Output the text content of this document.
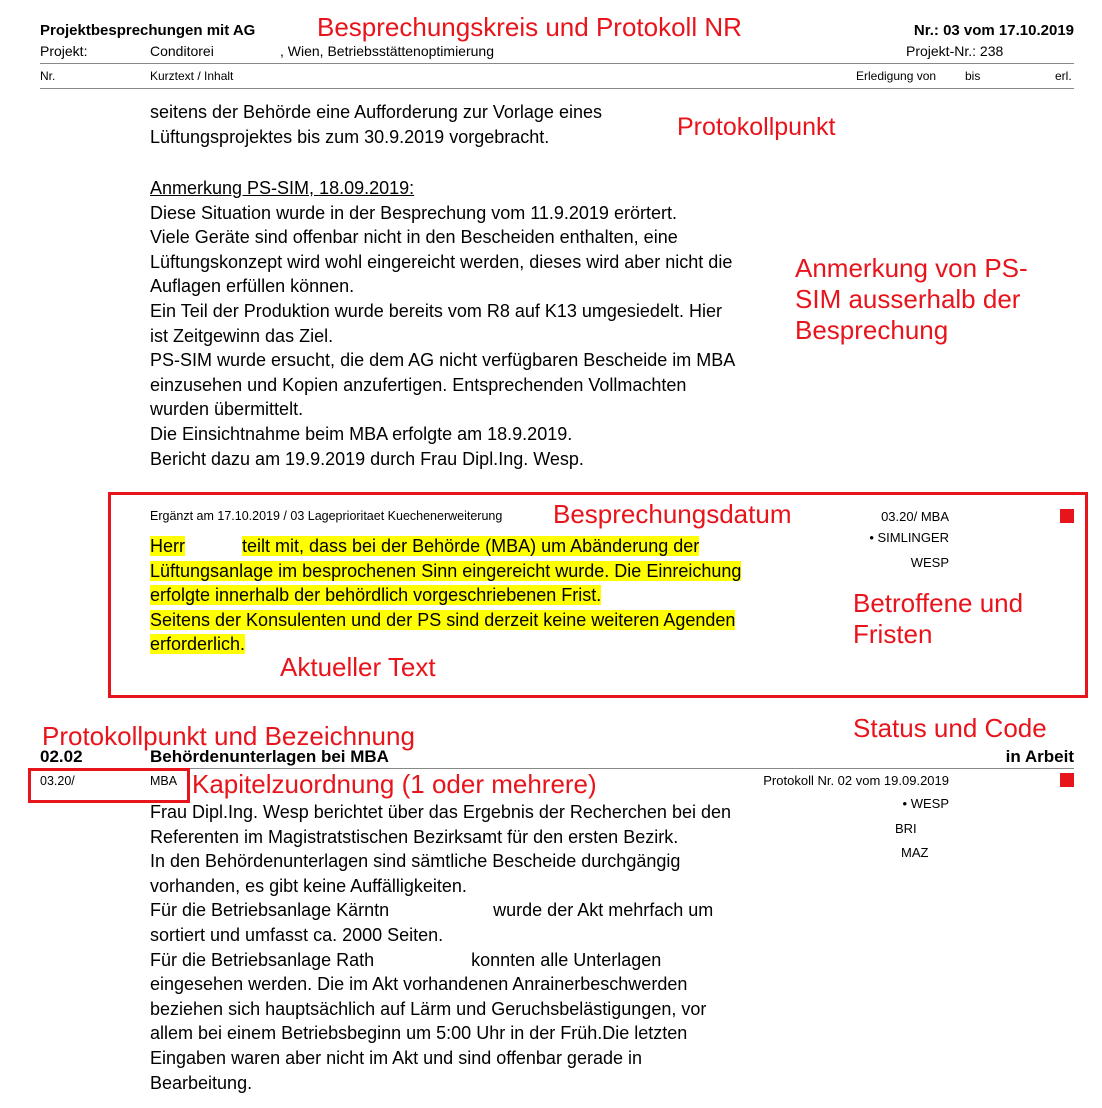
Projektbesprechungen mit AG	Nr.: 03 vom 17.10.2019
Projekt:	Conditorei	, Wien, Betriebsstättenoptimierung	Projekt-Nr.: 238
Nr.	Kurztext / Inhalt	Erledigung von bis	erl.
Besprechungskreis und Protokoll NR
Protokollpunkt
Anmerkung von PS-
SIM ausserhalb der
Besprechung
Besprechungsdatum
Betroffene und
Fristen
Aktueller Text
Protokollpunkt und Bezeichnung	Status und Code
Kapitelzuordnung (1 oder mehrere)
seitens der Behörde eine Aufforderung zur Vorlage eines
Lüftungsprojektes bis zum 30.9.2019 vorgebracht.
Anmerkung PS-SIM, 18.09.2019:
Diese Situation wurde in der Besprechung vom 11.9.2019 erörtert.
Viele Geräte sind offenbar nicht in den Bescheiden enthalten, eine
Lüftungskonzept wird wohl eingereicht werden, dieses wird aber nicht die
Auflagen erfüllen können.
Ein Teil der Produktion wurde bereits vom R8 auf K13 umgesiedelt. Hier
ist Zeitgewinn das Ziel.
PS-SIM wurde ersucht, die dem AG nicht verfügbaren Bescheide im MBA
einzusehen und Kopien anzufertigen. Entsprechenden Vollmachten
wurden übermittelt.
Die Einsichtnahme beim MBA erfolgte am 18.9.2019.
Bericht dazu am 19.9.2019 durch Frau Dipl.Ing. Wesp.
Ergänzt am 17.10.2019 / 03 Lageprioritaet Kuechenerweiterung	03.20/ MBA
• SIMLINGER
WESP
Herr	teilt mit, dass bei der Behörde (MBA) um Abänderung der
Lüftungsanlage im besprochenen Sinn eingereicht wurde. Die Einreichung
erfolgte innerhalb der behördlich vorgeschriebenen Frist.
Seitens der Konsulenten und der PS sind derzeit keine weiteren Agenden
erforderlich.
02.02	Behördenunterlagen bei MBA	in Arbeit
03.20/	MBA	Protokoll Nr. 02 vom 19.09.2019
• WESP
BRI
MAZ
Frau Dipl.Ing. Wesp berichtet über das Ergebnis der Recherchen bei den
Referenten im Magistratstischen Bezirksamt für den ersten Bezirk.
In den Behördenunterlagen sind sämtliche Bescheide durchgängig
vorhanden, es gibt keine Auffälligkeiten.
Für die Betriebsanlage Kärntn	wurde der Akt mehrfach um
sortiert und umfasst ca. 2000 Seiten.
Für die Betriebsanlage Rath	konnten alle Unterlagen
eingesehen werden. Die im Akt vorhandenen Anrainerbeschwerden
beziehen sich hauptsächlich auf Lärm und Geruchsbelästigungen, vor
allem bei einem Betriebsbeginn um 5:00 Uhr in der Früh.Die letzten
Eingaben waren aber nicht im Akt und sind offenbar gerade in
Bearbeitung.
